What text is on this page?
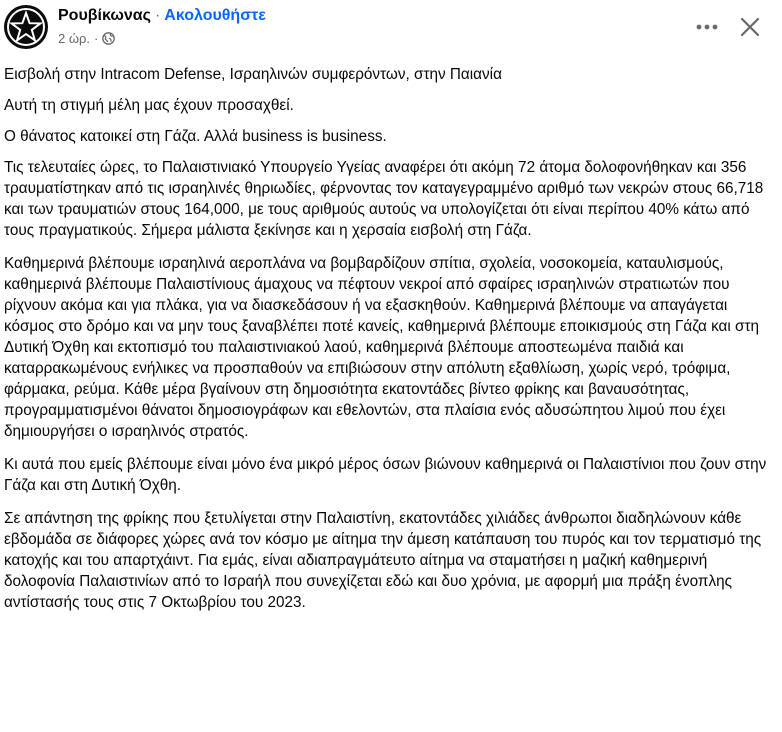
Ρουβίκωνας · Ακολουθήστε
2 ώρ. ·

Εισβολή στην Intracom Defense, Ισραηλινών συμφερόντων, στην Παιανία

Αυτή τη στιγμή μέλη μας έχουν προσαχθεί.

Ο θάνατος κατοικεί στη Γάζα. Αλλά business is business.

Τις τελευταίες ώρες, το Παλαιστινιακό Υπουργείο Υγείας αναφέρει ότι ακόμη 72 άτομα δολοφονήθηκαν και 356 τραυματίστηκαν από τις ισραηλινές θηριωδίες, φέρνοντας τον καταγεγραμμένο αριθμό των νεκρών στους 66,718 και των τραυματιών στους 164,000, με τους αριθμούς αυτούς να υπολογίζεται ότι είναι περίπου 40% κάτω από τους πραγματικούς. Σήμερα μάλιστα ξεκίνησε και η χερσαία εισβολή στη Γάζα.

Καθημερινά βλέπουμε ισραηλινά αεροπλάνα να βομβαρδίζουν σπίτια, σχολεία, νοσοκομεία, καταυλισμούς, καθημερινά βλέπουμε Παλαιστίνιους άμαχους να πέφτουν νεκροί από σφαίρες ισραηλινών στρατιωτών που ρίχνουν ακόμα και για πλάκα, για να διασκεδάσουν ή να εξασκηθούν. Καθημερινά βλέπουμε να απαγάγεται κόσμος στο δρόμο και να μην τους ξαναβλέπει ποτέ κανείς, καθημερινά βλέπουμε εποικισμούς στη Γάζα και στη Δυτική Όχθη και εκτοπισμό του παλαιστινιακού λαού, καθημερινά βλέπουμε αποστεωμένα παιδιά και καταρρακωμένους ενήλικες να προσπαθούν να επιβιώσουν στην απόλυτη εξαθλίωση, χωρίς νερό, τρόφιμα, φάρμακα, ρεύμα. Κάθε μέρα βγαίνουν στη δημοσιότητα εκατοντάδες βίντεο φρίκης και βαναυσότητας, προγραμματισμένοι θάνατοι δημοσιογράφων και εθελοντών, στα πλαίσια ενός αδυσώπητου λιμού που έχει δημιουργήσει ο ισραηλινός στρατός.

Κι αυτά που εμείς βλέπουμε είναι μόνο ένα μικρό μέρος όσων βιώνουν καθημερινά οι Παλαιστίνιοι που ζουν στην Γάζα και στη Δυτική Όχθη.

Σε απάντηση της φρίκης που ξετυλίγεται στην Παλαιστίνη, εκατοντάδες χιλιάδες άνθρωποι διαδηλώνουν κάθε εβδομάδα σε διάφορες χώρες ανά τον κόσμο με αίτημα την άμεση κατάπαυση του πυρός και τον τερματισμό της κατοχής και του απαρτχάιντ. Για εμάς, είναι αδιαπραγμάτευτο αίτημα να σταματήσει η μαζική καθημερινή δολοφονία Παλαιστινίων από το Ισραήλ που συνεχίζεται εδώ και δυο χρόνια, με αφορμή μια πράξη ένοπλης αντίστασής τους στις 7 Οκτωβρίου του 2023.
